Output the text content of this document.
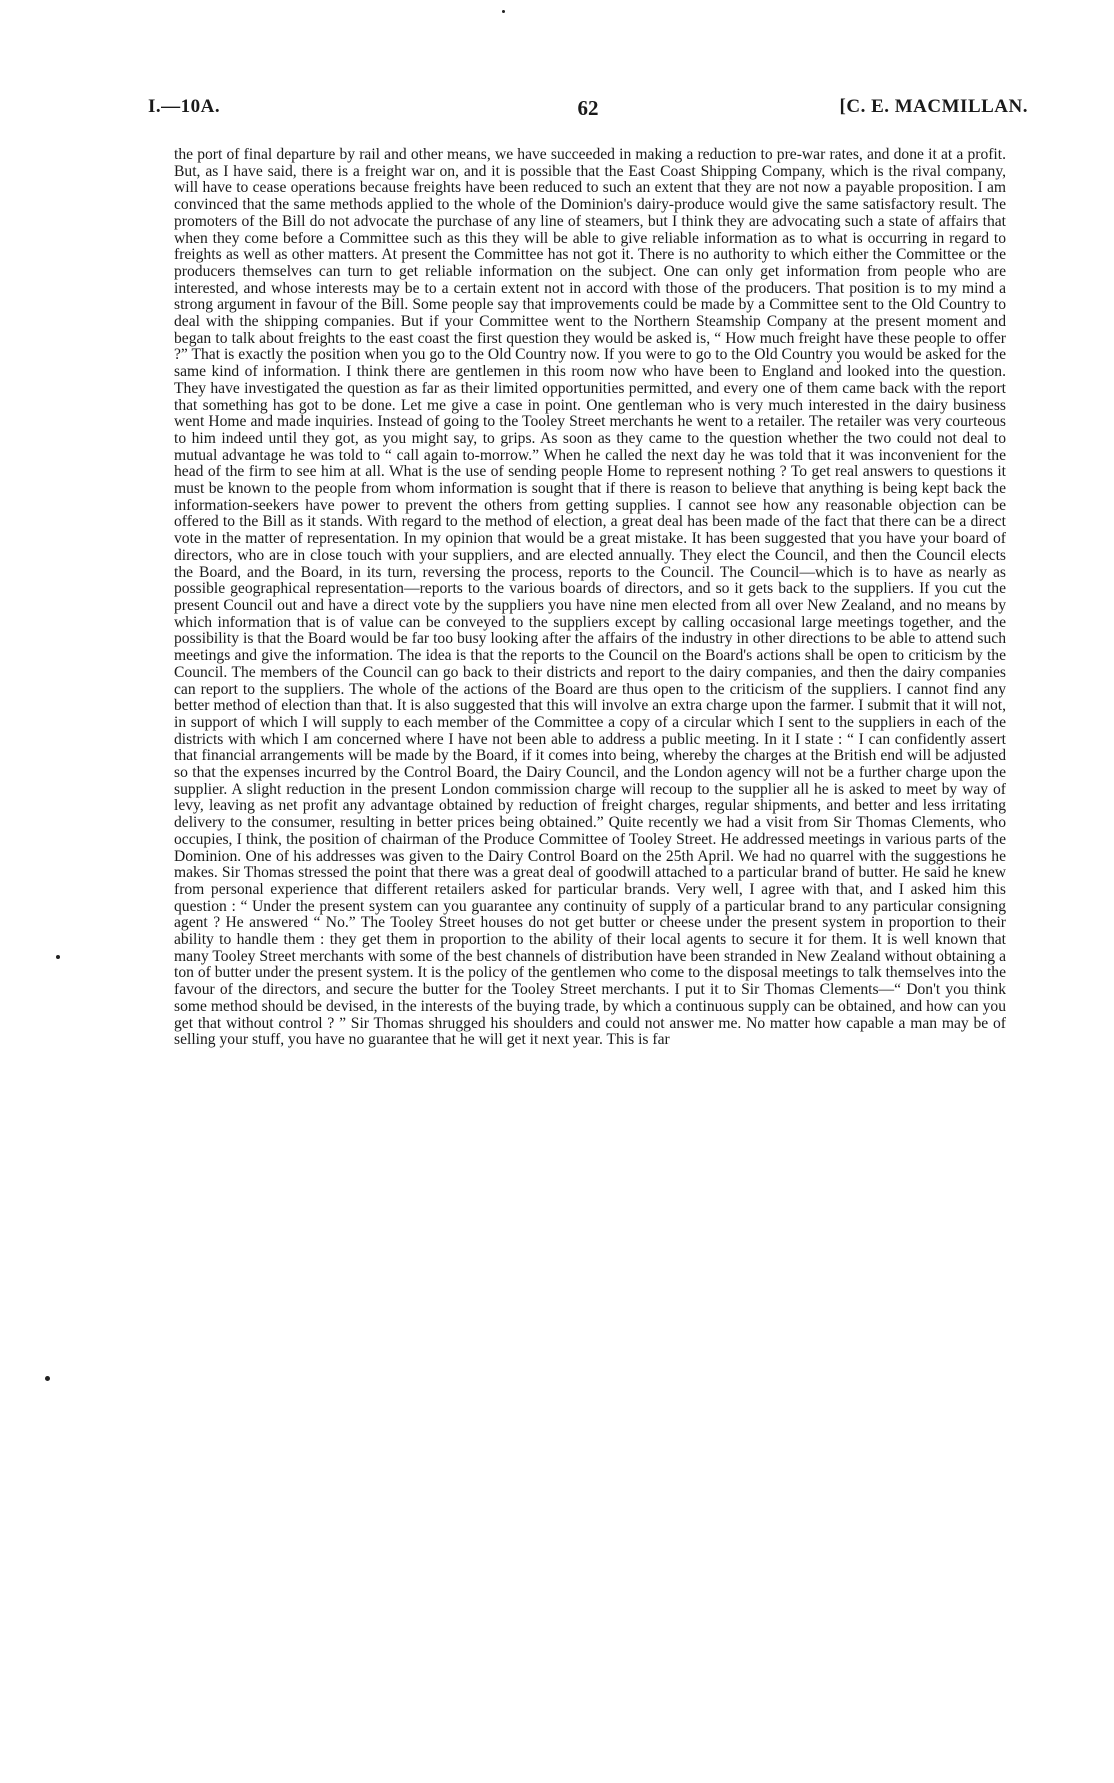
I.—10A.	62	[C. E. MACMILLAN.

the port of final departure by rail and other means, we have succeeded in making a reduction to pre-war rates, and done it at a profit. But, as I have said, there is a freight war on, and it is possible that the East Coast Shipping Company, which is the rival company, will have to cease operations because freights have been reduced to such an extent that they are not now a payable proposition. I am convinced that the same methods applied to the whole of the Dominion's dairy-produce would give the same satisfactory result. The promoters of the Bill do not advocate the purchase of any line of steamers, but I think they are advocating such a state of affairs that when they come before a Committee such as this they will be able to give reliable information as to what is occurring in regard to freights as well as other matters. At present the Committee has not got it. There is no authority to which either the Committee or the producers themselves can turn to get reliable information on the subject. One can only get information from people who are interested, and whose interests may be to a certain extent not in accord with those of the producers. That position is to my mind a strong argument in favour of the Bill. Some people say that improvements could be made by a Committee sent to the Old Country to deal with the shipping companies. But if your Committee went to the Northern Steamship Company at the present moment and began to talk about freights to the east coast the first question they would be asked is, “ How much freight have these people to offer ?” That is exactly the position when you go to the Old Country now. If you were to go to the Old Country you would be asked for the same kind of information. I think there are gentlemen in this room now who have been to England and looked into the question. They have investigated the question as far as their limited opportunities permitted, and every one of them came back with the report that something has got to be done. Let me give a case in point. One gentleman who is very much interested in the dairy business went Home and made inquiries. Instead of going to the Tooley Street merchants he went to a retailer. The retailer was very courteous to him indeed until they got, as you might say, to grips. As soon as they came to the question whether the two could not deal to mutual advantage he was told to “ call again to-morrow.” When he called the next day he was told that it was inconvenient for the head of the firm to see him at all. What is the use of sending people Home to represent nothing ? To get real answers to questions it must be known to the people from whom information is sought that if there is reason to believe that anything is being kept back the information-seekers have power to prevent the others from getting supplies. I cannot see how any reasonable objection can be offered to the Bill as it stands. With regard to the method of election, a great deal has been made of the fact that there can be a direct vote in the matter of representation. In my opinion that would be a great mistake. It has been suggested that you have your board of directors, who are in close touch with your suppliers, and are elected annually. They elect the Council, and then the Council elects the Board, and the Board, in its turn, reversing the process, reports to the Council. The Council—which is to have as nearly as possible geographical representation—reports to the various boards of directors, and so it gets back to the suppliers. If you cut the present Council out and have a direct vote by the suppliers you have nine men elected from all over New Zealand, and no means by which information that is of value can be conveyed to the suppliers except by calling occasional large meetings together, and the possibility is that the Board would be far too busy looking after the affairs of the industry in other directions to be able to attend such meetings and give the information. The idea is that the reports to the Council on the Board's actions shall be open to criticism by the Council. The members of the Council can go back to their districts and report to the dairy companies, and then the dairy companies can report to the suppliers. The whole of the actions of the Board are thus open to the criticism of the suppliers. I cannot find any better method of election than that. It is also suggested that this will involve an extra charge upon the farmer. I submit that it will not, in support of which I will supply to each member of the Committee a copy of a circular which I sent to the suppliers in each of the districts with which I am concerned where I have not been able to address a public meeting. In it I state : “ I can confidently assert that financial arrangements will be made by the Board, if it comes into being, whereby the charges at the British end will be adjusted so that the expenses incurred by the Control Board, the Dairy Council, and the London agency will not be a further charge upon the supplier. A slight reduction in the present London commission charge will recoup to the supplier all he is asked to meet by way of levy, leaving as net profit any advantage obtained by reduction of freight charges, regular shipments, and better and less irritating delivery to the consumer, resulting in better prices being obtained.” Quite recently we had a visit from Sir Thomas Clements, who occupies, I think, the position of chairman of the Produce Committee of Tooley Street. He addressed meetings in various parts of the Dominion. One of his addresses was given to the Dairy Control Board on the 25th April. We had no quarrel with the suggestions he makes. Sir Thomas stressed the point that there was a great deal of goodwill attached to a particular brand of butter. He said he knew from personal experience that different retailers asked for particular brands. Very well, I agree with that, and I asked him this question : “ Under the present system can you guarantee any continuity of supply of a particular brand to any particular consigning agent ? He answered “ No.” The Tooley Street houses do not get butter or cheese under the present system in proportion to their ability to handle them : they get them in proportion to the ability of their local agents to secure it for them. It is well known that many Tooley Street merchants with some of the best channels of distribution have been stranded in New Zealand without obtaining a ton of butter under the present system. It is the policy of the gentlemen who come to the disposal meetings to talk themselves into the favour of the directors, and secure the butter for the Tooley Street merchants. I put it to Sir Thomas Clements—“ Don't you think some method should be devised, in the interests of the buying trade, by which a continuous supply can be obtained, and how can you get that without control ? ” Sir Thomas shrugged his shoulders and could not answer me. No matter how capable a man may be of selling your stuff, you have no guarantee that he will get it next year. This is far
